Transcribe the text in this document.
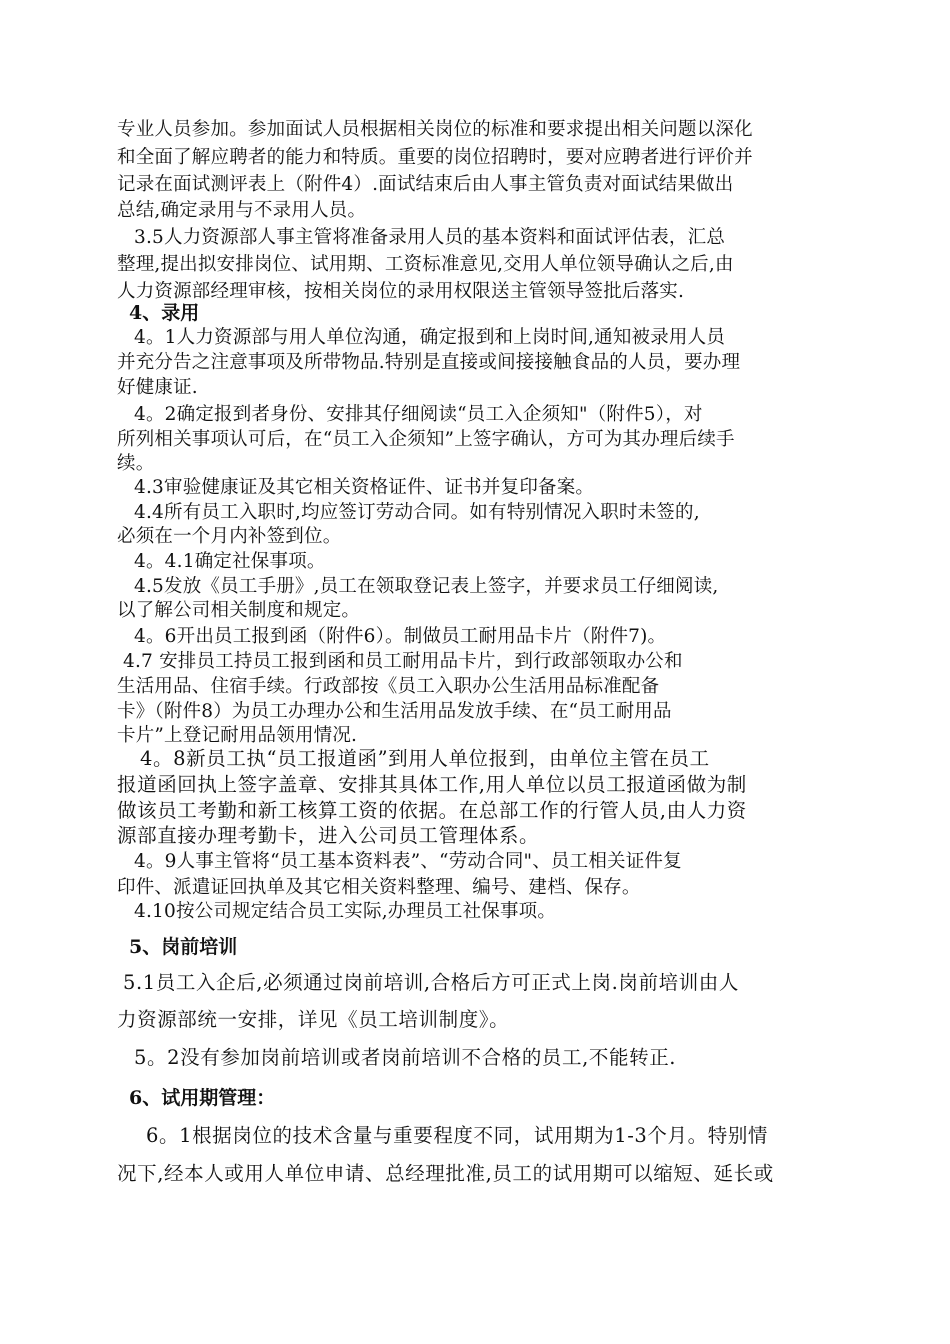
专业人员参加。参加面试人员根据相关岗位的标准和要求提出相关问题以深化
和全面了解应聘者的能力和特质。重要的岗位招聘时，要对应聘者进行评价并
记录在面试测评表上（附件4）.面试结束后由人事主管负责对面试结果做出
总结,确定录用与不录用人员。
3.5人力资源部人事主管将准备录用人员的基本资料和面试评估表，汇总
整理,提出拟安排岗位、试用期、工资标准意见,交用人单位领导确认之后,由
人力资源部经理审核，按相关岗位的录用权限送主管领导签批后落实.
4、录用
4。1人力资源部与用人单位沟通，确定报到和上岗时间,通知被录用人员
并充分告之注意事项及所带物品.特别是直接或间接接触食品的人员，要办理
好健康证.
4。2确定报到者身份、安排其仔细阅读“员工入企须知"（附件5），对
所列相关事项认可后，在“员工入企须知”上签字确认，方可为其办理后续手
续。
4.3审验健康证及其它相关资格证件、证书并复印备案。
4.4所有员工入职时,均应签订劳动合同。如有特别情况入职时未签的,
必须在一个月内补签到位。
4。4.1确定社保事项。
4.5发放《员工手册》,员工在领取登记表上签字，并要求员工仔细阅读,
以了解公司相关制度和规定。
4。6开出员工报到函（附件6）。制做员工耐用品卡片（附件7)。
4.7 安排员工持员工报到函和员工耐用品卡片，到行政部领取办公和
生活用品、住宿手续。行政部按《员工入职办公生活用品标准配备
卡》（附件8）为员工办理办公和生活用品发放手续、在“员工耐用品
卡片”上登记耐用品领用情况.
4。8新员工执“员工报道函”到用人单位报到，由单位主管在员工
报道函回执上签字盖章、安排其具体工作,用人单位以员工报道函做为制
做该员工考勤和新工核算工资的依据。在总部工作的行管人员,由人力资
源部直接办理考勤卡，进入公司员工管理体系。
4。9人事主管将“员工基本资料表”、“劳动合同"、员工相关证件复
印件、派遣证回执单及其它相关资料整理、编号、建档、保存。
4.10按公司规定结合员工实际,办理员工社保事项。
5、岗前培训
5.1员工入企后,必须通过岗前培训,合格后方可正式上岗.岗前培训由人
力资源部统一安排，详见《员工培训制度》。
5。2没有参加岗前培训或者岗前培训不合格的员工,不能转正.
6、试用期管理：
6。1根据岗位的技术含量与重要程度不同，试用期为1-3个月。特别情
况下,经本人或用人单位申请、总经理批准,员工的试用期可以缩短、延长或
